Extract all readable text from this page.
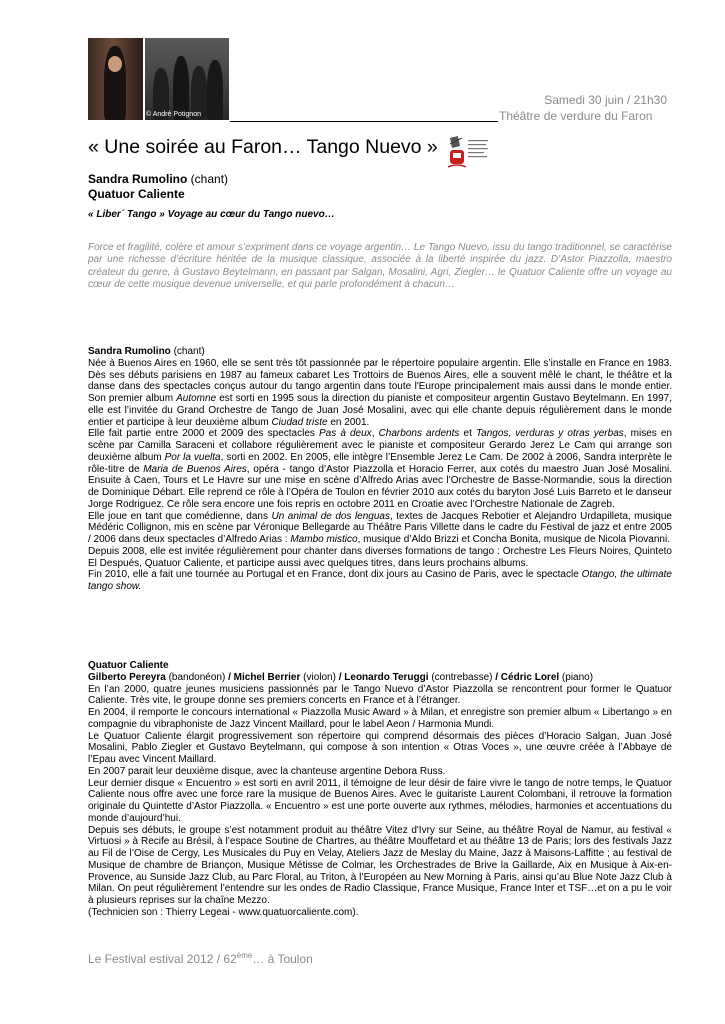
© André Potignon
Samedi 30 juin / 21h30
Théâtre de verdure du Faron
« Une soirée au Faron… Tango Nuevo »
Sandra Rumolino (chant)
Quatuor Caliente
« Liber´ Tango » Voyage au cœur du Tango nuevo…
Force et fragilité, colère et amour s’expriment dans ce voyage argentin… Le Tango Nuevo, issu du tango traditionnel, se caractérise par une richesse d’écriture héritée de la musique classique, associée à la liberté inspirée du jazz. D’Astor Piazzolla, maestro créateur du genre, à Gustavo Beytelmann, en passant par Salgan, Mosalini, Agri, Ziegler… le Quatuor Caliente offre un voyage au cœur de cette musique devenue universelle, et qui parle profondément à chacun…

Sandra Rumolino (chant)

Née à Buenos Aires en 1960, elle se sent très tôt passionnée par le répertoire populaire argentin. Elle s’installe en France en 1983. Dès ses débuts parisiens en 1987 au fameux cabaret Les Trottoirs de Buenos Aires, elle a souvent mêlé le chant, le théâtre et la danse dans des spectacles conçus autour du tango argentin dans toute l'Europe principalement mais aussi dans le monde entier. Son premier album Automne est sorti en 1995 sous la direction du pianiste et compositeur argentin Gustavo Beytelmann. En 1997, elle est l’invitée du Grand Orchestre de Tango de Juan José Mosalini, avec qui elle chante depuis régulièrement dans le monde entier et participe à leur deuxième album Ciudad triste en 2001.

Elle fait partie entre 2000 et 2009 des spectacles Pas à deux, Charbons ardents et Tangos, verduras y otras yerbas, mises en scène par Camilla Saraceni et collabore régulièrement avec le pianiste et compositeur Gerardo Jerez Le Cam qui arrange son deuxième album Por la vuelta, sorti en 2002. En 2005, elle intègre l’Ensemble Jerez Le Cam. De 2002 à 2006, Sandra interprète le rôle-titre de Maria de Buenos Aires, opéra - tango d’Astor Piazzolla et Horacio Ferrer, aux cotés du maestro Juan José Mosalini. Ensuite à Caen, Tours et Le Havre sur une mise en scène d’Alfredo Arias avec l’Orchestre de Basse-Normandie, sous la direction de Dominique Débart. Elle reprend ce rôle à l’Opéra de Toulon en février 2010 aux cotés du baryton José Luis Barreto et le danseur Jorge Rodriguez. Ce rôle sera encore une fois repris en octobre 2011 en Croatie avec l’Orchestre Nationale de Zagreb.

Elle joue en tant que comédienne, dans Un animal de dos lenguas, textes de Jacques Rebotier et Alejandro Urdapilleta, musique Médéric Collignon, mis en scène par Véronique Bellegarde au Théâtre Paris Villette dans le cadre du Festival de jazz et entre 2005 / 2006 dans deux spectacles d’Alfredo Arias : Mambo mistico, musique d’Aldo Brizzi et Concha Bonita, musique de Nicola Piovanni.

Depuis 2008, elle est invitée régulièrement pour chanter dans diverses formations de tango : Orchestre Les Fleurs Noires, Quinteto El Después, Quatuor Caliente, et participe aussi avec quelques titres, dans leurs prochains albums.

Fin 2010, elle a fait une tournée au Portugal et en France, dont dix jours au Casino de Paris, avec le spectacle Otango, the ultimate tango show.

Quatuor Caliente

Gilberto Pereyra (bandonéon) / Michel Berrier (violon) / Leonardo Teruggi (contrebasse) / Cédric Lorel (piano)

En l’an 2000, quatre jeunes musiciens passionnés par le Tango Nuevo d’Astor Piazzolla se rencontrent pour former le Quatuor Caliente. Très vite, le groupe donne ses premiers concerts en France et à l’étranger.

En 2004, il remporte le concours international « Piazzolla Music Award » à Milan, et enregistre son premier album « Libertango » en compagnie du vibraphoniste de Jazz Vincent Maillard, pour le label Aeon / Harmonia Mundi.

Le Quatuor Caliente élargit progressivement son répertoire qui comprend désormais des pièces d’Horacio Salgan, Juan José Mosalini, Pablo Ziegler et Gustavo Beytelmann, qui compose à son intention « Otras Voces », une œuvre créée à l’Abbaye de l’Epau avec Vincent Maillard.

En 2007 parait leur deuxième disque, avec la chanteuse argentine Debora Russ.

Leur dernier disque « Encuentro » est sorti en avril 2011, il témoigne de leur désir de faire vivre le tango de notre temps, le Quatuor Caliente nous offre avec une force rare la musique de Buenos Aires. Avec le guitariste Laurent Colombani, il retrouve la formation originale du Quintette d’Astor Piazzolla. « Encuentro » est une porte ouverte aux rythmes, mélodies, harmonies et accentuations du monde d’aujourd’hui.

Depuis ses débuts, le groupe s’est notamment produit au théâtre Vitez d'Ivry sur Seine, au théâtre Royal de Namur, au festival « Virtuosi » à Recife au Brésil, à l’espace Soutine de Chartres, au théâtre Mouffetard et au théâtre 13 de Paris; lors des festivals Jazz au Fil de l’Oise de Cergy, Les Musicales du Puy en Velay, Ateliers Jazz de Meslay du Maine, Jazz à Maisons-Laffitte ; au festival de Musique de chambre de Briançon, Musique Métisse de Colmar, les Orchestrades de Brive la Gaillarde, Aix en Musique à Aix-en-Provence, au Sunside Jazz Club, au Parc Floral, au Triton, à l’Européen au New Morning à Paris, ainsi qu’au Blue Note Jazz Club à Milan. On peut régulièrement l’entendre sur les ondes de Radio Classique, France Musique, France Inter et TSF…et on a pu le voir à plusieurs reprises sur la chaîne Mezzo.

(Technicien son : Thierry Legeai - www.quatuorcaliente.com).

Le Festival estival 2012 / 62ème… à Toulon
